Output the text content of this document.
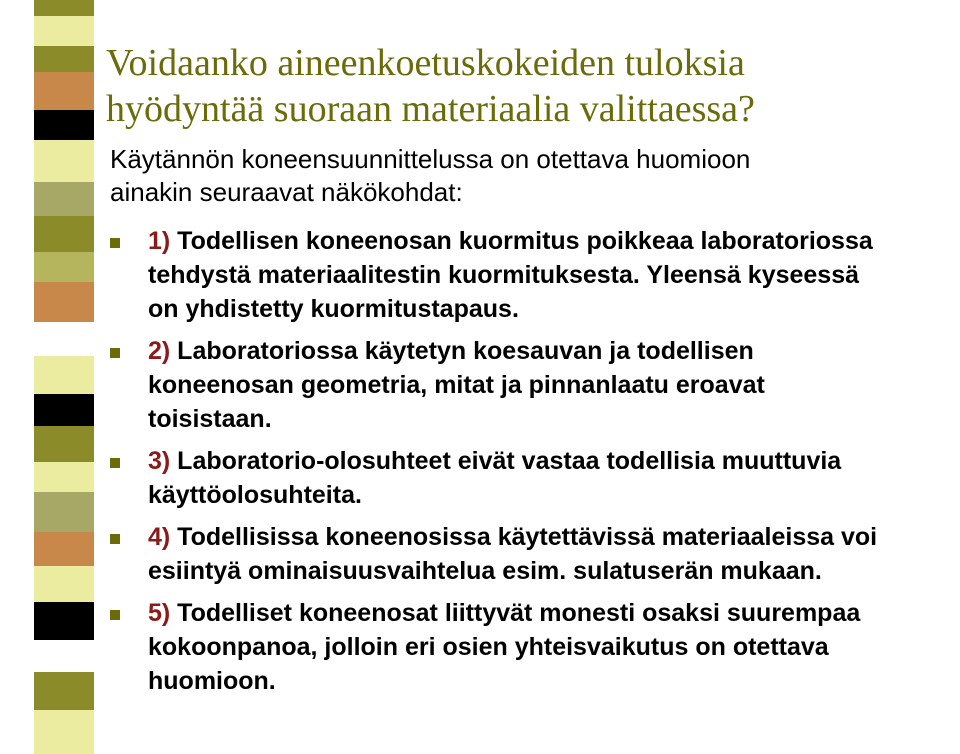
Voidaanko aineenkoetuskokeiden tuloksia
hyödyntää suoraan materiaalia valittaessa?
Käytännön koneensuunnittelussa on otettava huomioon
ainakin seuraavat näkökohdat:
1) Todellisen koneenosan kuormitus poikkeaa laboratoriossa
tehdystä materiaalitestin kuormituksesta. Yleensä kyseessä
on yhdistetty kuormitustapaus.
2) Laboratoriossa käytetyn koesauvan ja todellisen
koneenosan geometria, mitat ja pinnanlaatu eroavat
toisistaan.
3) Laboratorio-olosuhteet eivät vastaa todellisia muuttuvia
käyttöolosuhteita.
4) Todellisissa koneenosissa käytettävissä materiaaleissa voi
esiintyä ominaisuusvaihtelua esim. sulatuserän mukaan.
5) Todelliset koneenosat liittyvät monesti osaksi suurempaa
kokoonpanoa, jolloin eri osien yhteisvaikutus on otettava
huomioon.
